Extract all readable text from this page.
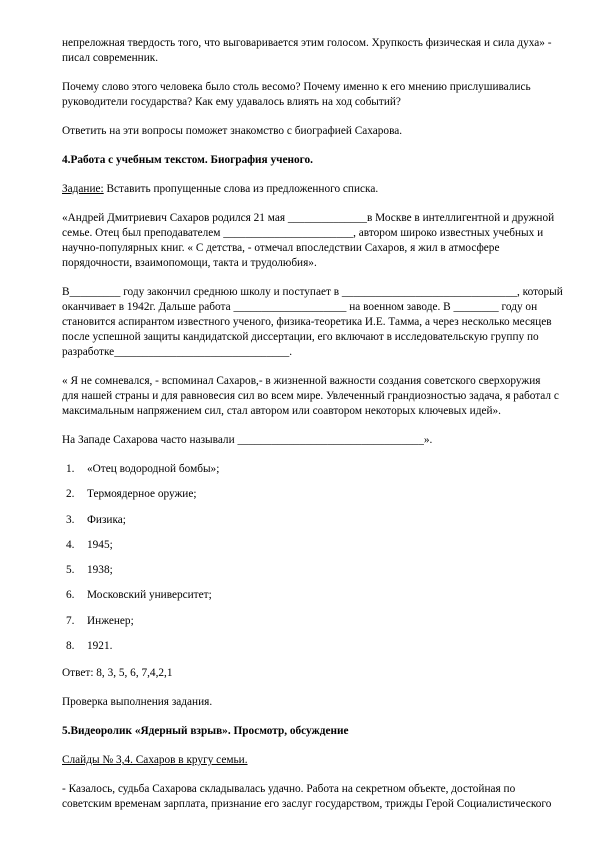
непреложная твердость того, что выговаривается этим голосом. Хрупкость физическая и сила духа» -
писал современник.
Почему слово этого человека было столь весомо? Почему именно к его мнению прислушивались
руководители государства? Как ему удавалось влиять на ход событий?
Ответить на эти вопросы поможет знакомство с биографией Сахарова.
4.Работа с учебным текстом. Биография ученого.
Задание: Вставить пропущенные слова из предложенного списка.
«Андрей Дмитриевич Сахаров родился 21 мая ______________в Москве в интеллигентной и дружной
семье. Отец был преподавателем _______________________, автором широко известных учебных и
научно-популярных книг. « С детства, - отмечал впоследствии Сахаров, я жил в атмосфере
порядочности, взаимопомощи, такта и трудолюбия».
В_________ году закончил среднюю школу и поступает в _______________________________, который
оканчивает в 1942г. Дальше работа ____________________ на военном заводе. В ________ году он
становится аспирантом известного ученого, физика-теоретика И.Е. Тамма, а через несколько месяцев
после успешной защиты кандидатской диссертации, его включают в исследовательскую группу по
разработке_______________________________.
« Я не сомневался, - вспоминал Сахаров,- в жизненной важности создания советского сверхоружия
для нашей страны и для равновесия сил во всем мире. Увлеченный грандиозностью задача, я работал с
максимальным напряжением сил, стал автором или соавтором некоторых ключевых идей».
На Западе Сахарова часто называли _________________________________».
1.	«Отец водородной бомбы»;
2.	Термоядерное оружие;
3.	Физика;
4.	1945;
5.	1938;
6.	Московский университет;
7.	Инженер;
8.	1921.
Ответ: 8, 3, 5, 6, 7,4,2,1
Проверка выполнения задания.
5.Видеоролик «Ядерный взрыв». Просмотр, обсуждение
Слайды № 3,4. Сахаров в кругу семьи.
- Казалось, судьба Сахарова складывалась удачно. Работа на секретном объекте, достойная по
советским временам зарплата, признание его заслуг государством, трижды Герой Социалистического
